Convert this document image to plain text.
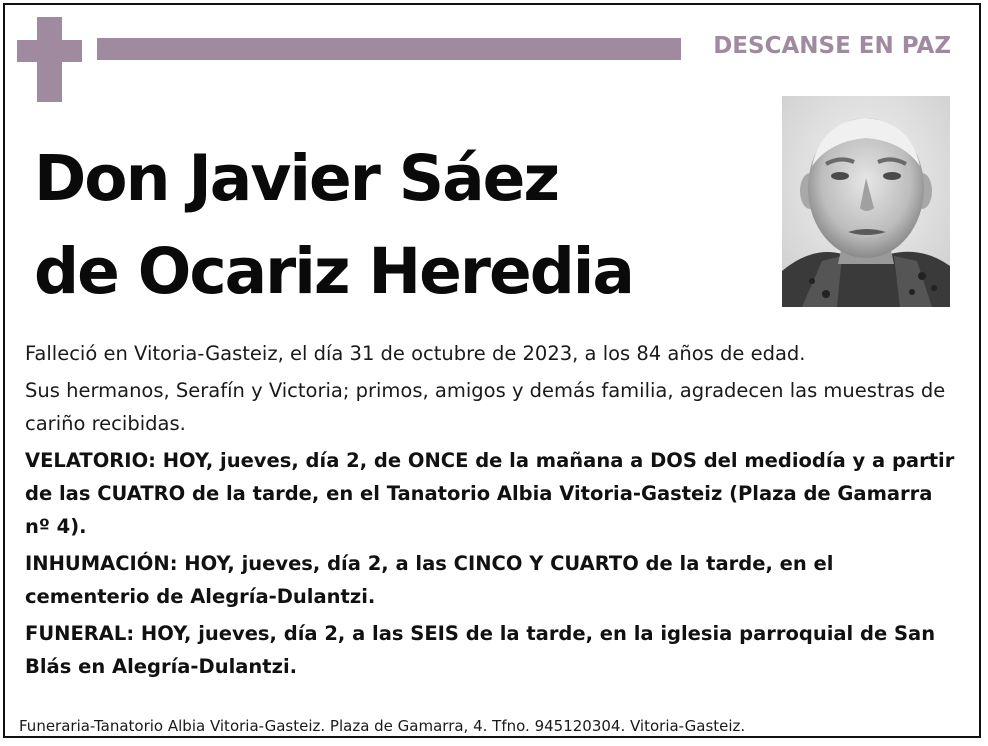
DESCANSE EN PAZ
Don Javier Sáez
de Ocariz Heredia

Falleció en Vitoria-Gasteiz, el día 31 de octubre de 2023, a los 84 años de edad.

Sus hermanos, Serafín y Victoria; primos, amigos y demás familia, agradecen las muestras de cariño recibidas.

VELATORIO: HOY, jueves, día 2, de ONCE de la mañana a DOS del mediodía y a partir de las CUATRO de la tarde, en el Tanatorio Albia Vitoria-Gasteiz (Plaza de Gamarra nº 4).

INHUMACIÓN: HOY, jueves, día 2, a las CINCO Y CUARTO de la tarde, en el cementerio de Alegría-Dulantzi.

FUNERAL: HOY, jueves, día 2, a las SEIS de la tarde, en la iglesia parroquial de San Blás en Alegría-Dulantzi.

Funeraria-Tanatorio Albia Vitoria-Gasteiz. Plaza de Gamarra, 4. Tfno. 945120304. Vitoria-Gasteiz.
